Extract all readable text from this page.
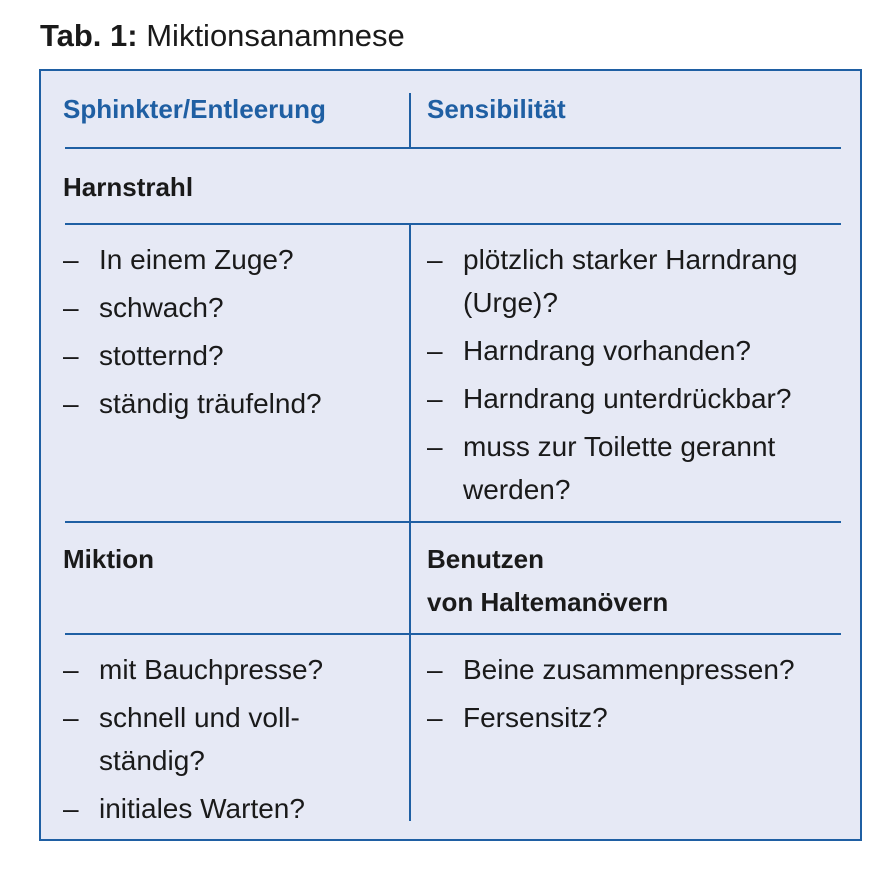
Tab. 1: Miktionsanamnese
Sphinkter/Entleerung	Sensibilität
Harnstrahl
– In einem Zuge?
– schwach?
– stotternd?
– ständig träufelnd?
– plötzlich starker Harndrang (Urge)?
– Harndrang vorhanden?
– Harndrang unterdrückbar?
– muss zur Toilette gerannt werden?
Miktion	Benutzen
von Haltemanövern
– mit Bauchpresse?
– schnell und voll-ständig?
– initiales Warten?
– Beine zusammenpressen?
– Fersensitz?
